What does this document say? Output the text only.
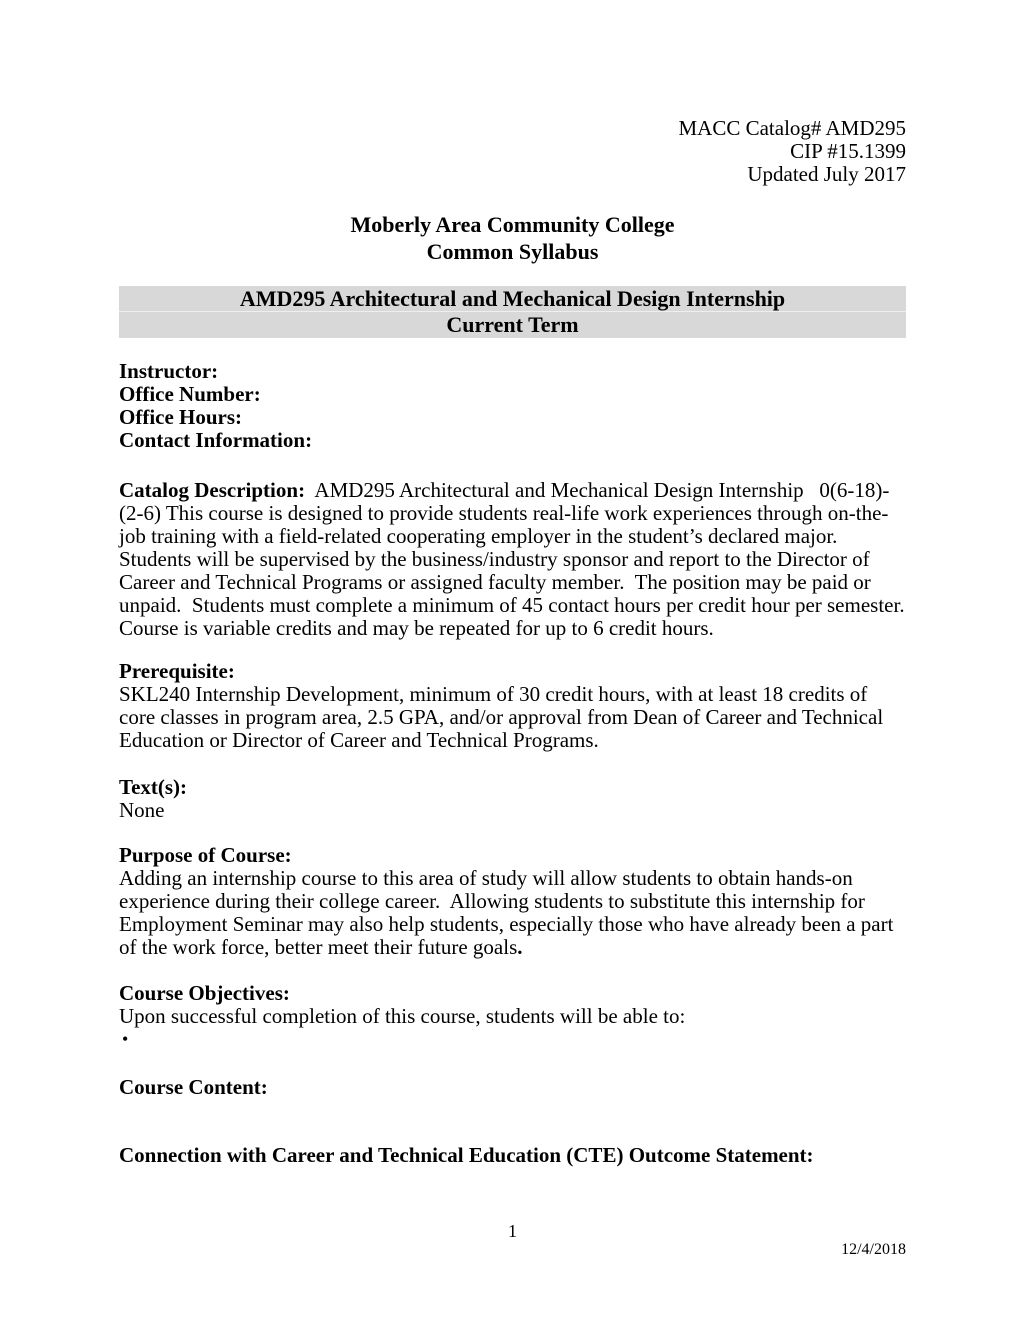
MACC Catalog# AMD295
CIP #15.1399
Updated July 2017
Moberly Area Community College
Common Syllabus
AMD295 Architectural and Mechanical Design Internship
Current Term
Instructor:
Office Number:
Office Hours:
Contact Information:

Catalog Description:  AMD295 Architectural and Mechanical Design Internship   0(6-18)-(2-6) This course is designed to provide students real-life work experiences through on-the-job training with a field-related cooperating employer in the student’s declared major.  Students will be supervised by the business/industry sponsor and report to the Director of Career and Technical Programs or assigned faculty member.  The position may be paid or unpaid.  Students must complete a minimum of 45 contact hours per credit hour per semester.  Course is variable credits and may be repeated for up to 6 credit hours.

Prerequisite:
SKL240 Internship Development, minimum of 30 credit hours, with at least 18 credits of core classes in program area, 2.5 GPA, and/or approval from Dean of Career and Technical Education or Director of Career and Technical Programs.
Text(s):
None
Purpose of Course:
Adding an internship course to this area of study will allow students to obtain hands-on experience during their college career.  Allowing students to substitute this internship for Employment Seminar may also help students, especially those who have already been a part of the work force, better meet their future goals.
Course Objectives:
Upon successful completion of this course, students will be able to:
•
Course Content:
Connection with Career and Technical Education (CTE) Outcome Statement:
1
12/4/2018
